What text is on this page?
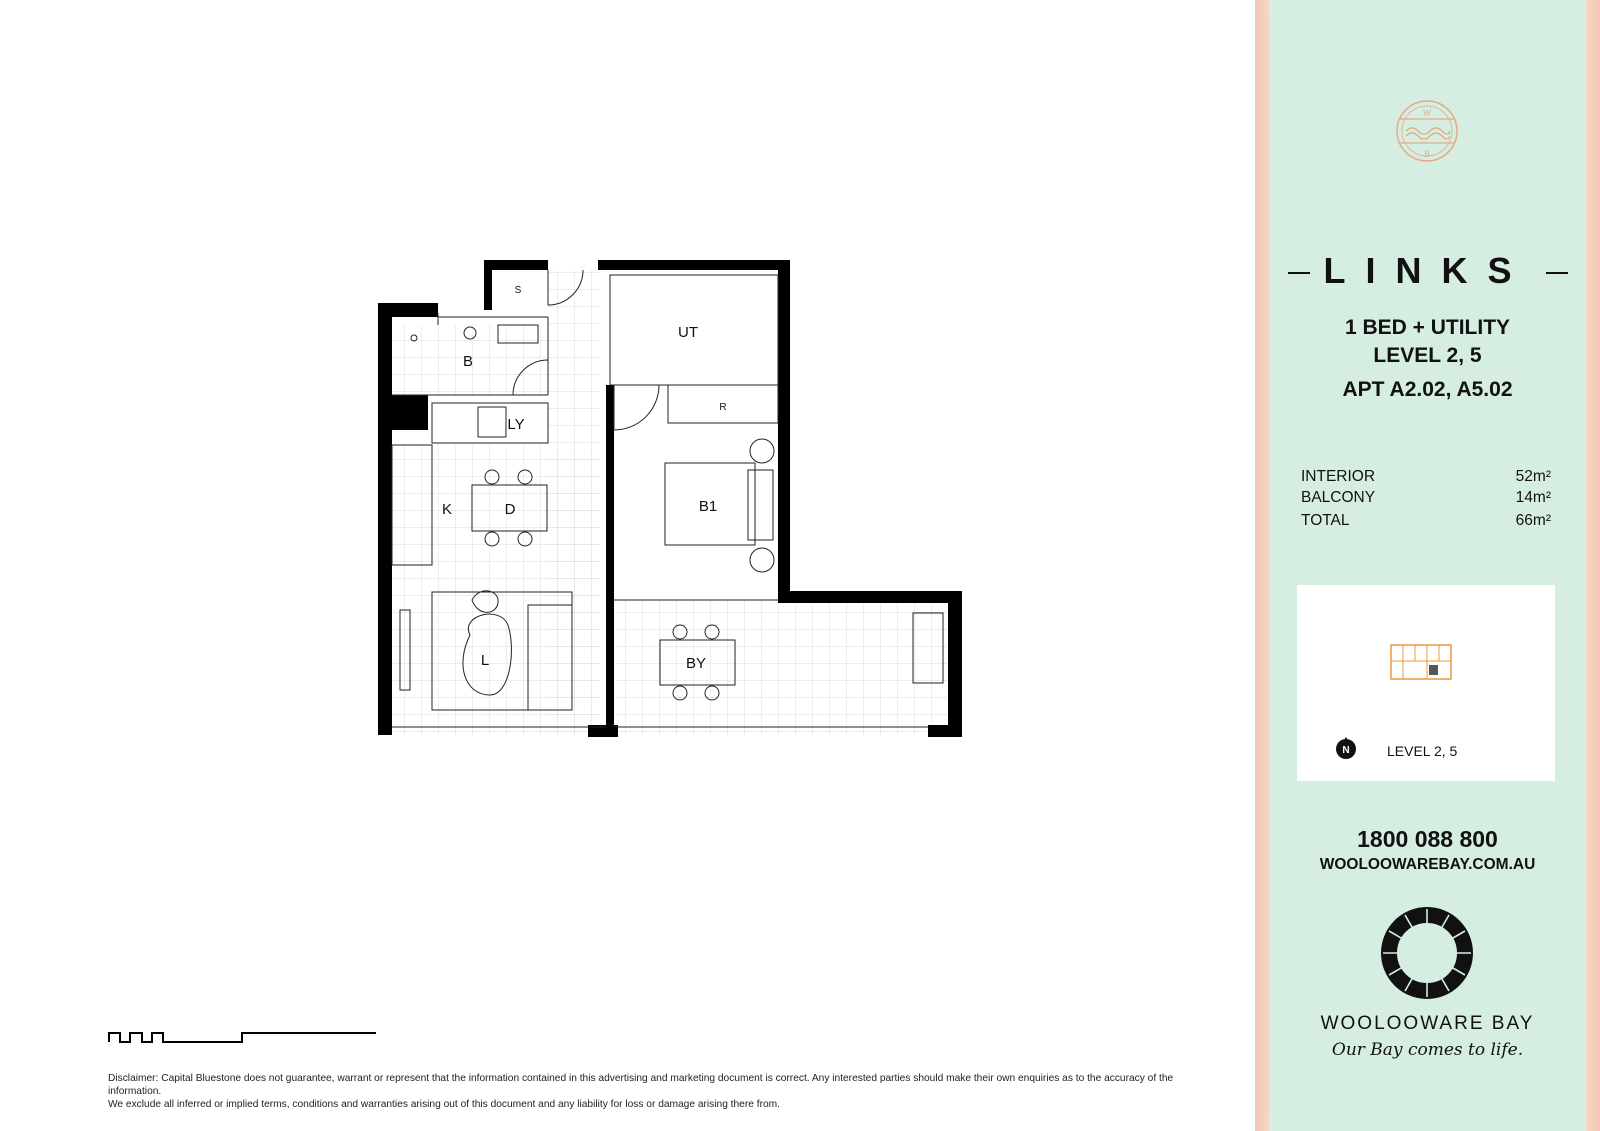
S
B
UT
R
LY
K	D	B1
L	BY
Disclaimer: Capital Bluestone does not guarantee, warrant or represent that the information contained in this advertising and marketing document is correct. Any interested parties should make their own enquiries as to the accuracy of the information.
We exclude all inferred or implied terms, conditions and warranties arising out of this document and any liability for loss or damage arising there from.
W
B
LINKS
1 BED + UTILITY
LEVEL 2, 5
APT A2.02, A5.02
INTERIOR	52m²
BALCONY	14m²
TOTAL	66m²
N	LEVEL 2, 5
1800 088 800
WOOLOOWAREBAY.COM.AU
WOOLOOWARE BAY
Our Bay comes to life.
